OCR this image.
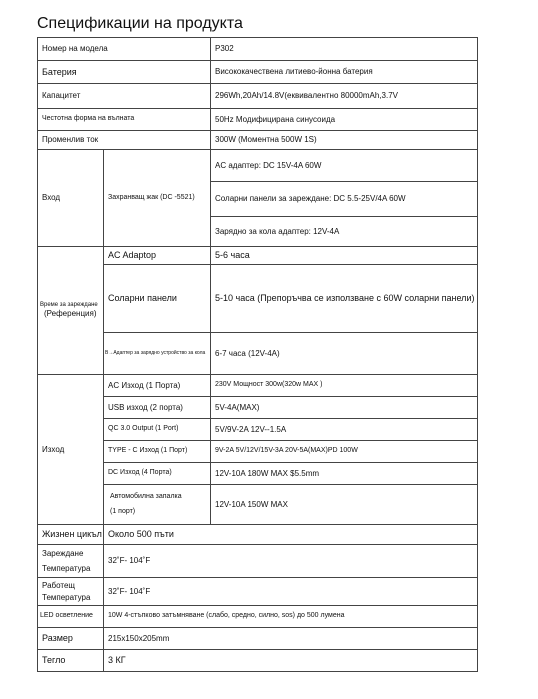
Спецификации на продукта
Номер на модела		P302
Батерия		Висококачествена литиево-йонна батерия
Капацитет		296Wh,20Ah/14.8V(еквивалентно 80000mAh,3.7V
Честотна форма на вълната		50Hz Модифицирана синусоида
Променлив ток		300W (Моментна 500W 1S)
Вход	Захранващ жак (DC -5521)	AC адаптер: DC 15V-4A 60W
		Соларни панели за зареждане: DC 5.5-25V/4A 60W
		Зарядно за кола адаптер: 12V-4A
Време за зареждане
(Референция)	AC Adaptop	5-6 часа
	Соларни панели	5-10 часа (Препоръчва се използване с 60W соларни панели)
	B→Адаптер за зарядно устройство за кола	6-7 часа (12V-4A)
Изход	AC Изход (1 Порта)	230V Мощност 300w(320w MAX )
	USB изход (2 порта)	5V-4A(MAX)
	QC 3.0 Output (1 Port)	5V/9V-2A 12V--1.5A
	TYPE - C Изход (1 Порт)	9V-2A 5V/12V/15V-3A 20V-5A(MAX)PD 100W
	DC Изход (4 Порта)	12V-10A 180W MAX $5.5mm

	Автомобилна запалка
(1 порт)	12V-10A 150W MAX
Жизнен цикъл	Около 500 пъти	

Зареждане
Температура	32˚F- 104˚F	

Работещ
Температура	32˚F- 104˚F	
LED осветление	10W 4-стъпково затъмняване (слабо, средно, силно, sos) до 500 лумена	
Размер	215x150x205mm	
Тегло	3 КГ	
